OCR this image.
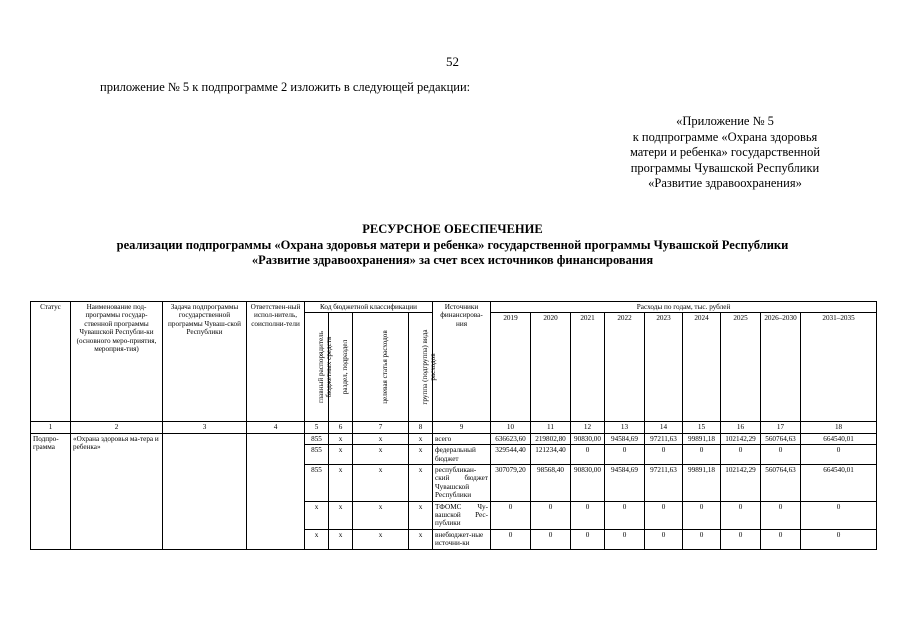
52
приложение № 5 к подпрограмме 2 изложить в следующей редакции:
«Приложение № 5
к подпрограмме «Охрана здоровья
матери и ребенка» государственной
программы Чувашской Республики
«Развитие здравоохранения»
РЕСУРСНОЕ ОБЕСПЕЧЕНИЕ
реализации подпрограммы «Охрана здоровья матери и ребенка» государственной программы Чувашской Республики
«Развитие здравоохранения» за счет всех источников финансирования
Статус	Наименование под-программы государ-ственной программы Чувашской Республи-ки (основного меро-приятия, мероприя-тия)	Задача подпрограммы государственной программы Чуваш-ской Республики	Ответствен-ный испол-нитель, соисполни-тели	Код бюджетной классификации				Источники финансирова-ния	Расходы по годам, тыс. рублей								

				главный распорядитель бюджетных средств	раздел, подраздел	целевая статья расходов	группа (подгруппа) вида расходов		2019	2020	2021	2022	2023	2024	2025	2026–2030	2031–2035
1	2	3	4	5	6	7	8	9	10	11	12	13	14	15	16	17	18
Подпро-грамма	«Охрана здоровья ма-тера и ребенка»			855	х	х	х	всего	636623,60	219802,80	90830,00	94584,69	97211,63	99891,18	102142,29	560764,63	664540,01
				855	х	х	х	федеральный бюджет	329544,40	121234,40	0	0	0	0	0	0	0
				855	х	х	х	республикан-ский бюджет Чувашской Республики	307079,20	98568,40	90830,00	94584,69	97211,63	99891,18	102142,29	560764,63	664540,01
				х	х	х	х	ТФОМС Чу-вашской Рес-публики	0	0	0	0	0	0	0	0	0
				х	х	х	х	внебюджет-ные источни-ки	0	0	0	0	0	0	0	0	0
